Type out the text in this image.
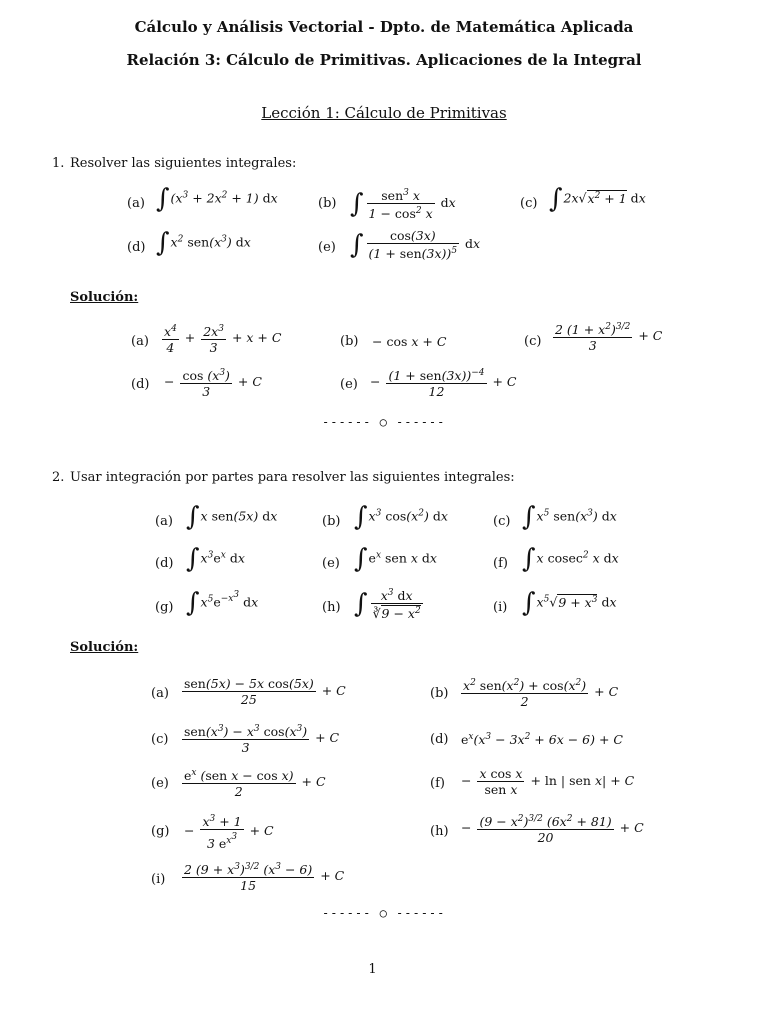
Cálculo y Análisis Vectorial - Dpto. de Matemática Aplicada
Relación 3: Cálculo de Primitivas. Aplicaciones de la Integral
Lección 1: Cálculo de Primitivas
1. Resolver las siguientes integrales:
(a) $\int(x^3 + 2x^2 + 1)$ dx	(b) ∫ $\frac{sen^3 x}{1 - \cos^2 x}$ dx	(c) $\int 2x√x^2 + 1$ dx
(d) $\int x^2$ $sen(x^3)$ dx	(e) ∫ $\frac{\cos(3x)}{(1 + sen(3x))^5}$ dx
Solución:
$(a) \frac{x^4}{4} + \frac{2x^3}{3} + x + C$	(b) − cos x + C	$(c) \frac{2 (1 + x^2)^{3/2}}{3} + C$
$(d) - \frac{\cos (x^3)}{3} + C$	$(e) - \frac{(1 + sen(3x))^{-4}}{12} + C$
------ ○ ------
2. Usar integración por partes para resolver las siguientes integrales:
(a) ∫x sen(5x) dx	(b) $\int x^3$ $\cos(x^2)$ dx	(c) $\int x^5$ $sen(x^3)$ dx
(d) $\int x^3e^x$ dx	(e) $\int e^x$ sen x dx	(f) ∫x cosec$^2$ x dx
(g) $\int x^5e^{-x^3}$ dx	(h) ∫ $\frac{x^3 dx}{∛9 - x^2}$	(i) $\int x^5√9 + x^3$ dx
Solución:
$(a) \frac{\text{sen(5x) − 5x cos(5x)}}{25} + C$	$(b) \frac{x^2 sen(x^2) + \cos(x^2)}{2} + C$
$(c) \frac{sen(x^3) - x^3 \cos(x^3)}{3} + C$	(d) $e^x(x^3 - 3x^2 + 6x - 6) + C$
$(e) \frac{e^x (sen x - \cos x)}{2} + C$	$(f) - \frac{\text{x cos x}}{\text{sen x}} + \ln$ | sen x| + C
$(g) - \frac{x^3 + 1}{3 e^{x^3}} + C$	$(h) - \frac{(9 - x^2)^{3/2} (6x^2 + 81)}{20} + C$
$(i) \frac{2 (9 + x^3)^{3/2} (x^3 - 6)}{15} + C$
------ ○ ------
1
